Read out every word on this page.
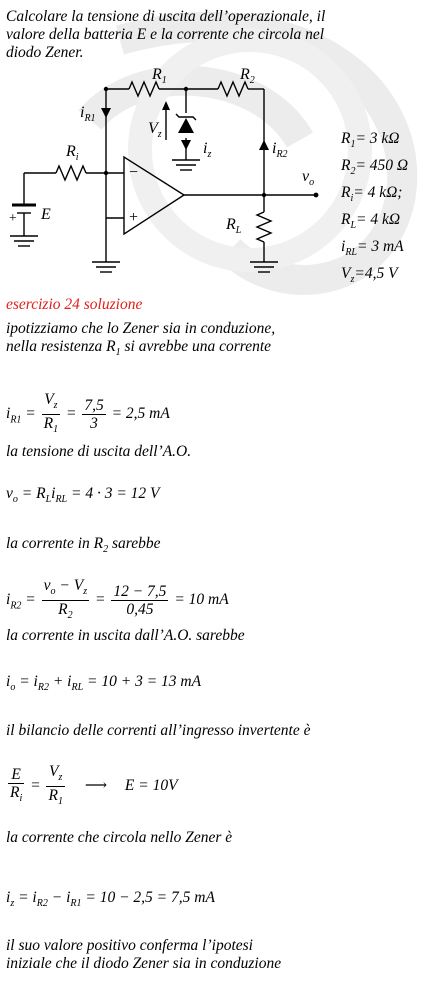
Calcolare la tensione di uscita dell’operazionale, il
valore della batteria E e la corrente che circola nel
diodo Zener.
$R_1$	$R_2$
$R_i$
$R_L$
$i_{R1}$
$i_{R2}$
$V_z$
$i_z$
$v_o$
E
−
+
+
$R_1= 3$ kΩ
$R_2= 450$ Ω
$R_i= 4$ kΩ;
$R_L= 4$ kΩ
$i_{RL}= 3$ mA
$V_z=4,5$ V
esercizio 24 soluzione
ipotizziamo che lo Zener sia in conduzione,
nella resistenza $R_1$ si avrebbe una corrente
$i_{R1} = \frac{V_z}{R_1} = \frac{7,5}{3} = 2,5$ mA
la tensione di uscita dell’A.O.
$v_o = R_Li_{RL} = 4 \cdot 3 = 12$ V
la corrente in $R_2$ sarebbe
$i_{R2} = \frac{v_o - V_z}{R_2} = \frac{12 - 7,5}{0,45} = 10$ mA
la corrente in uscita dall’A.O. sarebbe
$i_o = i_{R2} + i_{RL} = 10 + 3 = 13$ mA
il bilancio delle correnti all’ingresso invertente è
$\frac{E}{R_i} = \frac{V_z}{R_1}$ ⟶ E = 10V
la corrente che circola nello Zener è
$i_z = i_{R2} - i_{R1} = 10 - 2,5 = 7,5$ mA
il suo valore positivo conferma l’ipotesi
iniziale che il diodo Zener sia in conduzione
